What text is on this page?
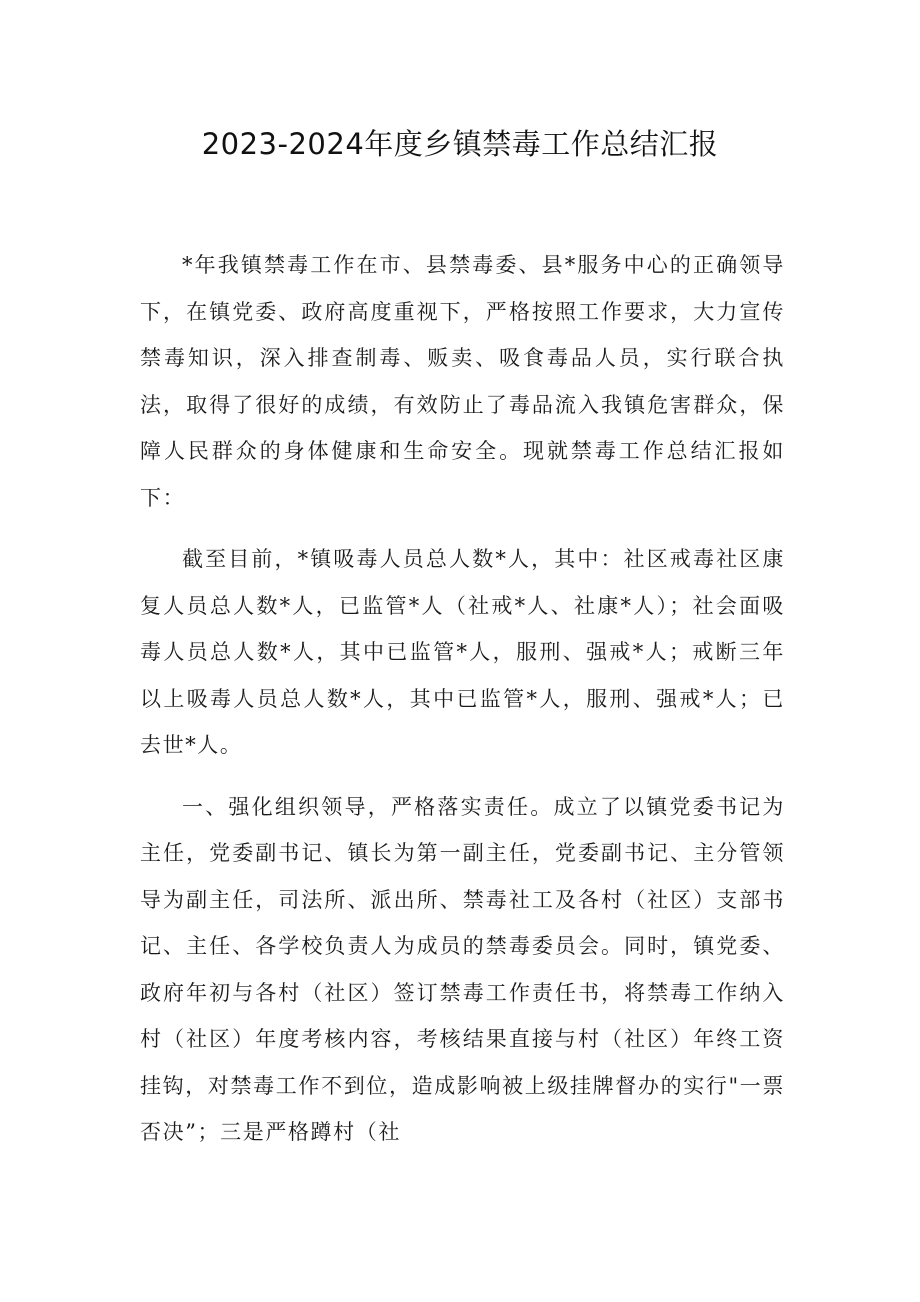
2023-2024年度乡镇禁毒工作总结汇报

*年我镇禁毒工作在市、县禁毒委、县*服务中心的正确领导下，在镇党委、政府高度重视下，严格按照工作要求，大力宣传禁毒知识，深入排查制毒、贩卖、吸食毒品人员，实行联合执法，取得了很好的成绩，有效防止了毒品流入我镇危害群众，保障人民群众的身体健康和生命安全。现就禁毒工作总结汇报如下：

截至目前，*镇吸毒人员总人数*人，其中：社区戒毒社区康复人员总人数*人，已监管*人（社戒*人、社康*人）；社会面吸毒人员总人数*人，其中已监管*人，服刑、强戒*人；戒断三年以上吸毒人员总人数*人，其中已监管*人，服刑、强戒*人；已去世*人。

一、强化组织领导，严格落实责任。成立了以镇党委书记为主任，党委副书记、镇长为第一副主任，党委副书记、主分管领导为副主任，司法所、派出所、禁毒社工及各村（社区）支部书记、主任、各学校负责人为成员的禁毒委员会。同时，镇党委、政府年初与各村（社区）签订禁毒工作责任书，将禁毒工作纳入村（社区）年度考核内容，考核结果直接与村（社区）年终工资挂钩，对禁毒工作不到位，造成影响被上级挂牌督办的实行"一票否决”；三是严格蹲村（社
